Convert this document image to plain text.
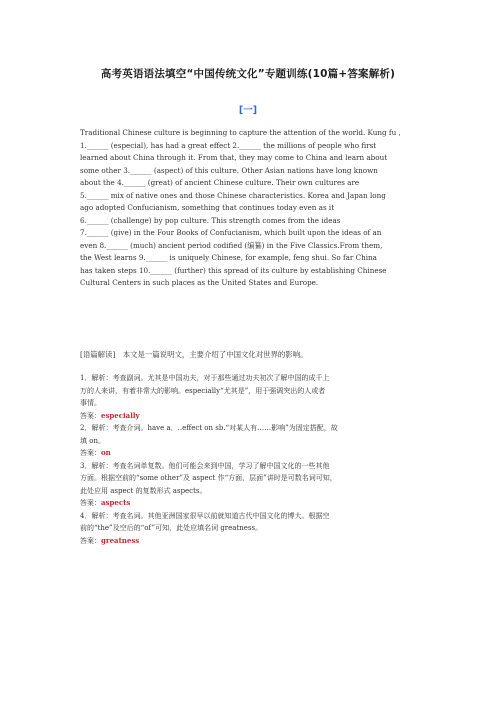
高考英语语法填空“中国传统文化”专题训练(10篇+答案解析)
[一]
Traditional Chinese culture is beginning to capture the attention of the world. Kung fu ,
1.______ (especial), has had a great effect 2.______ the millions of people who first
learned about China through it. From that, they may come to China and learn about
some other 3.______ (aspect) of this culture. Other Asian nations have long known
about the 4.______ (great) of ancient Chinese culture. Their own cultures are
5.______ mix of native ones and those Chinese characteristics. Korea and Japan long
ago adopted Confucianism, something that continues today even as it
6.______ (challenge) by pop culture. This strength comes from the ideas
7.______ (give) in the Four Books of Confucianism, which built upon the ideas of an
even 8.______ (much) ancient period codified (编纂) in the Five Classics.From them,
the West learns 9.______ is uniquely Chinese, for example, feng shui. So far China
has taken steps 10.______ (further) this spread of its culture by establishing Chinese
Cultural Centers in such places as the United States and Europe.
[语篇解读]　本文是一篇说明文，主要介绍了中国文化对世界的影响。
1．解析：考查副词。尤其是中国功夫，对于那些通过功夫初次了解中国的成千上
万的人来讲，有着非常大的影响。especially“尤其是”，用于强调突出的人或者
事情。
答案：especially
2．解析：考查介词。have a．..effect on sb.“对某人有……影响”为固定搭配，故
填 on。
答案：on
3．解析：考查名词单复数。他们可能会来到中国，学习了解中国文化的一些其他
方面。根据空前的“some other”及 aspect 作“方面，层面”讲时是可数名词可知，
此处应用 aspect 的复数形式 aspects。
答案：aspects
4．解析：考查名词。其他亚洲国家很早以前就知道古代中国文化的博大。根据空
前的“the”及空后的“of”可知，此处应填名词 greatness。
答案：greatness
